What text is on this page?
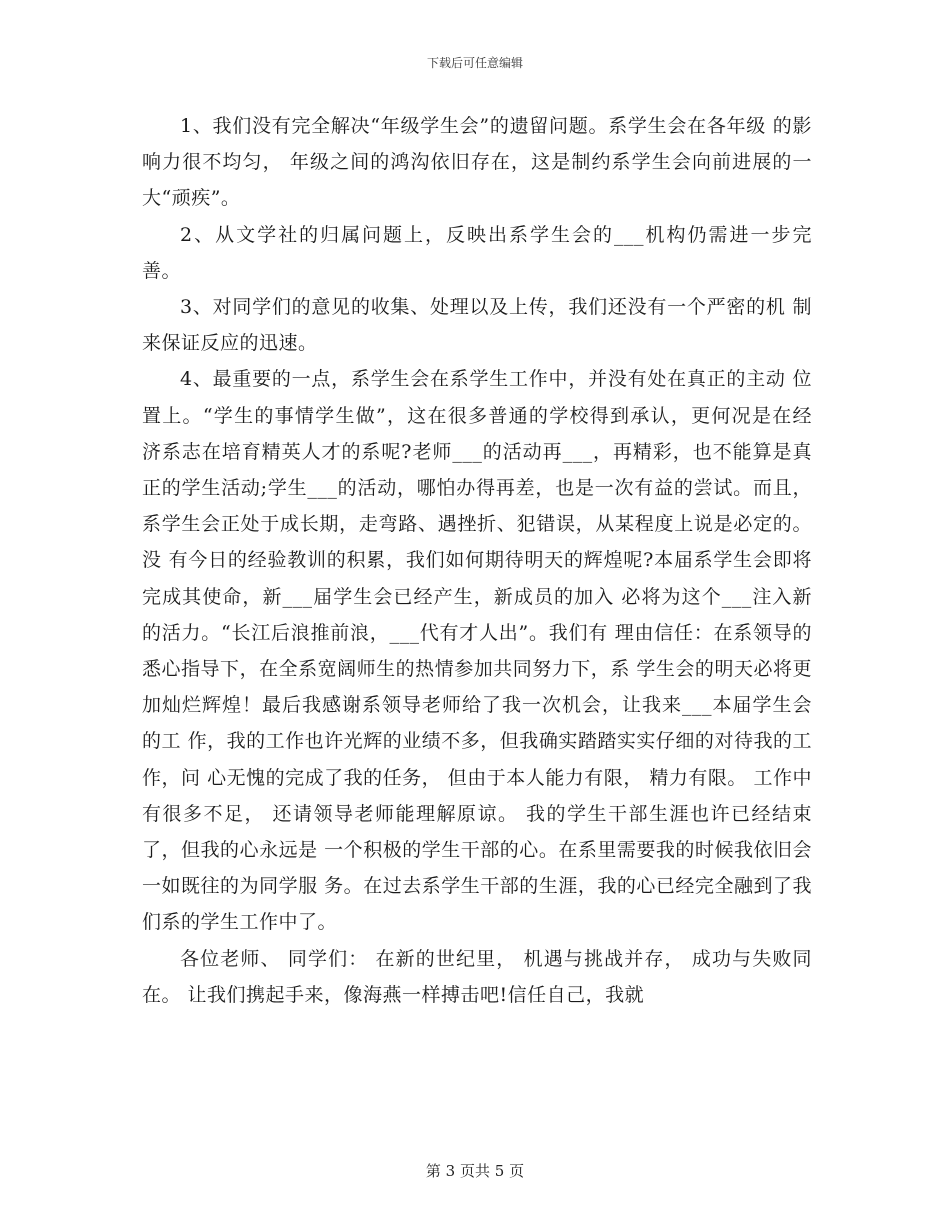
下载后可任意编辑

1、我们没有完全解决“年级学生会”的遗留问题。系学生会在各年级 的影响力很不均匀， 年级之间的鸿沟依旧存在，这是制约系学生会向前进展的一 大“顽疾”。

2、从文学社的归属问题上，反映出系学生会的___机构仍需进一步完 善。

3、对同学们的意见的收集、处理以及上传，我们还没有一个严密的机 制来保证反应的迅速。

4、最重要的一点，系学生会在系学生工作中，并没有处在真正的主动 位置上。“学生的事情学生做”，这在很多普通的学校得到承认，更何况是在经 济系志在培育精英人才的系呢?老师___的活动再___，再精彩，也不能算是真 正的学生活动;学生___的活动，哪怕办得再差，也是一次有益的尝试。而且， 系学生会正处于成长期，走弯路、遇挫折、犯错误，从某程度上说是必定的。没 有今日的经验教训的积累，我们如何期待明天的辉煌呢?本届系学生会即将完成其使命，新___届学生会已经产生，新成员的加入 必将为这个___注入新的活力。“长江后浪推前浪，___代有才人出”。我们有 理由信任：在系领导的悉心指导下，在全系宽阔师生的热情参加共同努力下，系 学生会的明天必将更加灿烂辉煌！最后我感谢系领导老师给了我一次机会，让我来___本届学生会的工 作，我的工作也许光辉的业绩不多，但我确实踏踏实实仔细的对待我的工作，问 心无愧的完成了我的任务， 但由于本人能力有限， 精力有限。 工作中有很多不足， 还请领导老师能理解原谅。 我的学生干部生涯也许已经结束了，但我的心永远是 一个积极的学生干部的心。在系里需要我的时候我依旧会一如既往的为同学服 务。在过去系学生干部的生涯，我的心已经完全融到了我们系的学生工作中了。

各位老师、 同学们： 在新的世纪里， 机遇与挑战并存， 成功与失败同在。 让我们携起手来，像海燕一样搏击吧!信任自己，我就

第 3 页共 5 页
